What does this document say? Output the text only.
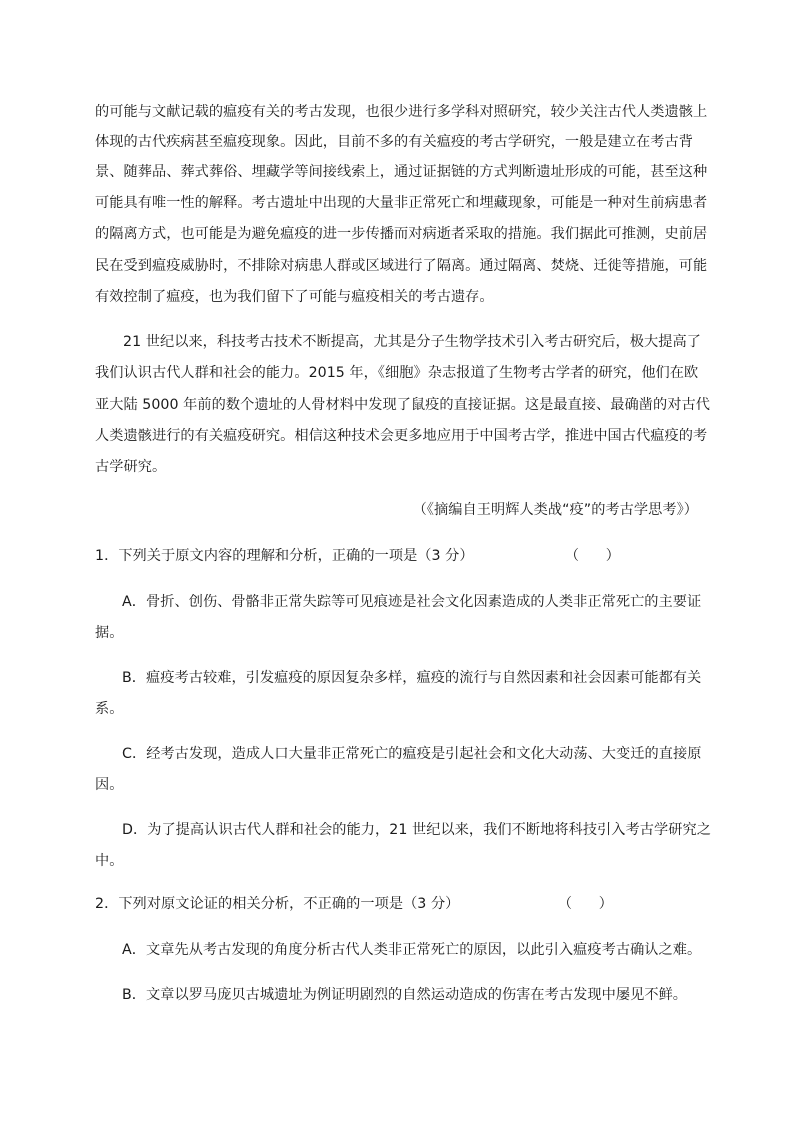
的可能与文献记载的瘟疫有关的考古发现，也很少进行多学科对照研究，较少关注古代人类遗骸上
体现的古代疾病甚至瘟疫现象。因此，目前不多的有关瘟疫的考古学研究，一般是建立在考古背
景、随葬品、葬式葬俗、埋藏学等间接线索上，通过证据链的方式判断遗址形成的可能，甚至这种
可能具有唯一性的解释。考古遗址中出现的大量非正常死亡和埋藏现象，可能是一种对生前病患者
的隔离方式，也可能是为避免瘟疫的进一步传播而对病逝者采取的措施。我们据此可推测，史前居
民在受到瘟疫威胁时，不排除对病患人群或区域进行了隔离。通过隔离、焚烧、迁徙等措施，可能
有效控制了瘟疫，也为我们留下了可能与瘟疫相关的考古遗存。
21 世纪以来，科技考古技术不断提高，尤其是分子生物学技术引入考古研究后，极大提高了
我们认识古代人群和社会的能力。2015 年，《细胞》杂志报道了生物考古学者的研究，他们在欧
亚大陆 5000 年前的数个遗址的人骨材料中发现了鼠疫的直接证据。这是最直接、最确凿的对古代
人类遗骸进行的有关瘟疫研究。相信这种技术会更多地应用于中国考古学，推进中国古代瘟疫的考
古学研究。
（《摘编自王明辉人类战“疫”的考古学思考》）
1．下列关于原文内容的理解和分析，正确的一项是（3 分）	（      ）
A．骨折、创伤、骨骼非正常失踪等可见痕迹是社会文化因素造成的人类非正常死亡的主要证
据。
B．瘟疫考古较难，引发瘟疫的原因复杂多样，瘟疫的流行与自然因素和社会因素可能都有关
系。
C．经考古发现，造成人口大量非正常死亡的瘟疫是引起社会和文化大动荡、大变迁的直接原
因。
D．为了提高认识古代人群和社会的能力，21 世纪以来，我们不断地将科技引入考古学研究之
中。
2．下列对原文论证的相关分析，不正确的一项是（3 分）	（      ）
A．文章先从考古发现的角度分析古代人类非正常死亡的原因，以此引入瘟疫考古确认之难。
B．文章以罗马庞贝古城遗址为例证明剧烈的自然运动造成的伤害在考古发现中屡见不鲜。
